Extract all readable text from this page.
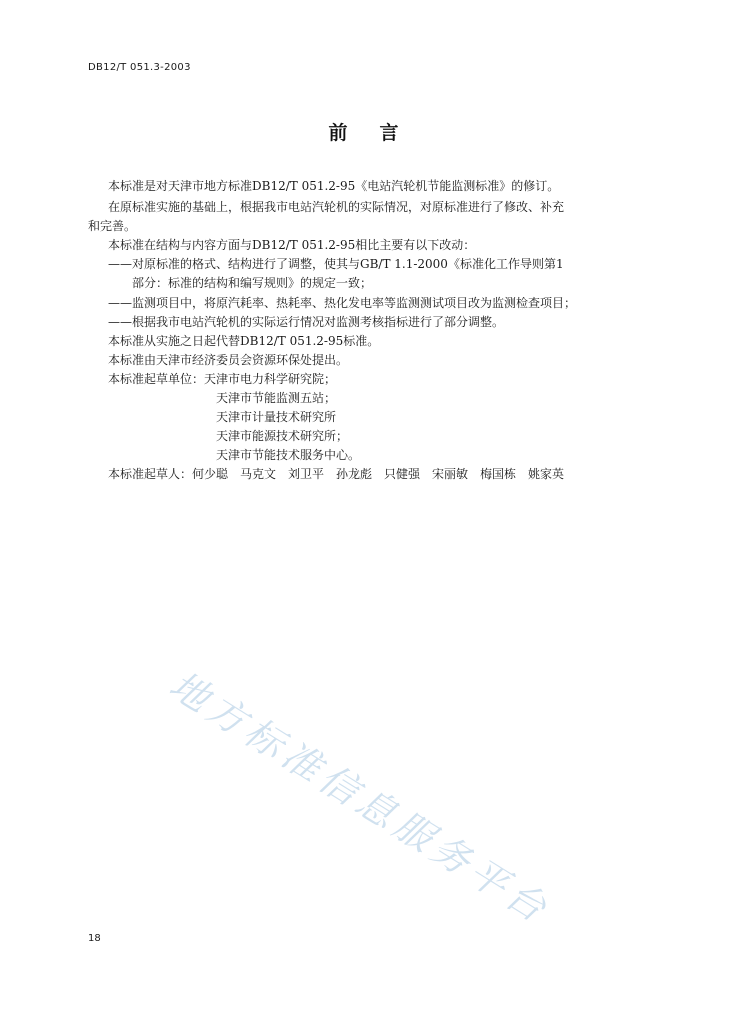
DB12/T 051.3-2003
前 言
本标准是对天津市地方标准DB12/T 051.2-95《电站汽轮机节能监测标准》的修订。
在原标准实施的基础上，根据我市电站汽轮机的实际情况，对原标准进行了修改、补充
和完善。
本标准在结构与内容方面与DB12/T 051.2-95相比主要有以下改动：
——对原标准的格式、结构进行了调整，使其与GB/T 1.1-2000《标准化工作导则第1
部分：标准的结构和编写规则》的规定一致；
——监测项目中，将原汽耗率、热耗率、热化发电率等监测测试项目改为监测检查项目；
——根据我市电站汽轮机的实际运行情况对监测考核指标进行了部分调整。
本标准从实施之日起代替DB12/T 051.2-95标准。
本标准由天津市经济委员会资源环保处提出。
本标准起草单位：天津市电力科学研究院；
天津市节能监测五站；
天津市计量技术研究所
天津市能源技术研究所；
天津市节能技术服务中心。
本标准起草人：何少聪　马克文　刘卫平　孙龙彪　只健强　宋丽敏　梅国栋　姚家英
地方标准信息服务平台
18
